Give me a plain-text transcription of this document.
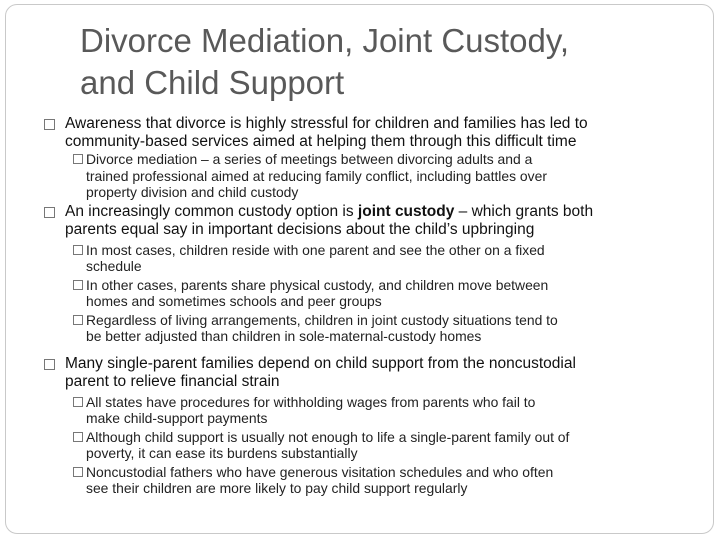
Divorce Mediation, Joint Custody,
and Child Support
Awareness that divorce is highly stressful for children and families has led to
community-based services aimed at helping them through this difficult time
Divorce mediation – a series of meetings between divorcing adults and a
trained professional aimed at reducing family conflict, including battles over
property division and child custody
An increasingly common custody option is joint custody – which grants both
parents equal say in important decisions about the child’s upbringing
In most cases, children reside with one parent and see the other on a fixed
schedule
In other cases, parents share physical custody, and children move between
homes and sometimes schools and peer groups
Regardless of living arrangements, children in joint custody situations tend to
be better adjusted than children in sole-maternal-custody homes
Many single-parent families depend on child support from the noncustodial
parent to relieve financial strain
All states have procedures for withholding wages from parents who fail to
make child-support payments
Although child support is usually not enough to life a single-parent family out of
poverty, it can ease its burdens substantially
Noncustodial fathers who have generous visitation schedules and who often
see their children are more likely to pay child support regularly
